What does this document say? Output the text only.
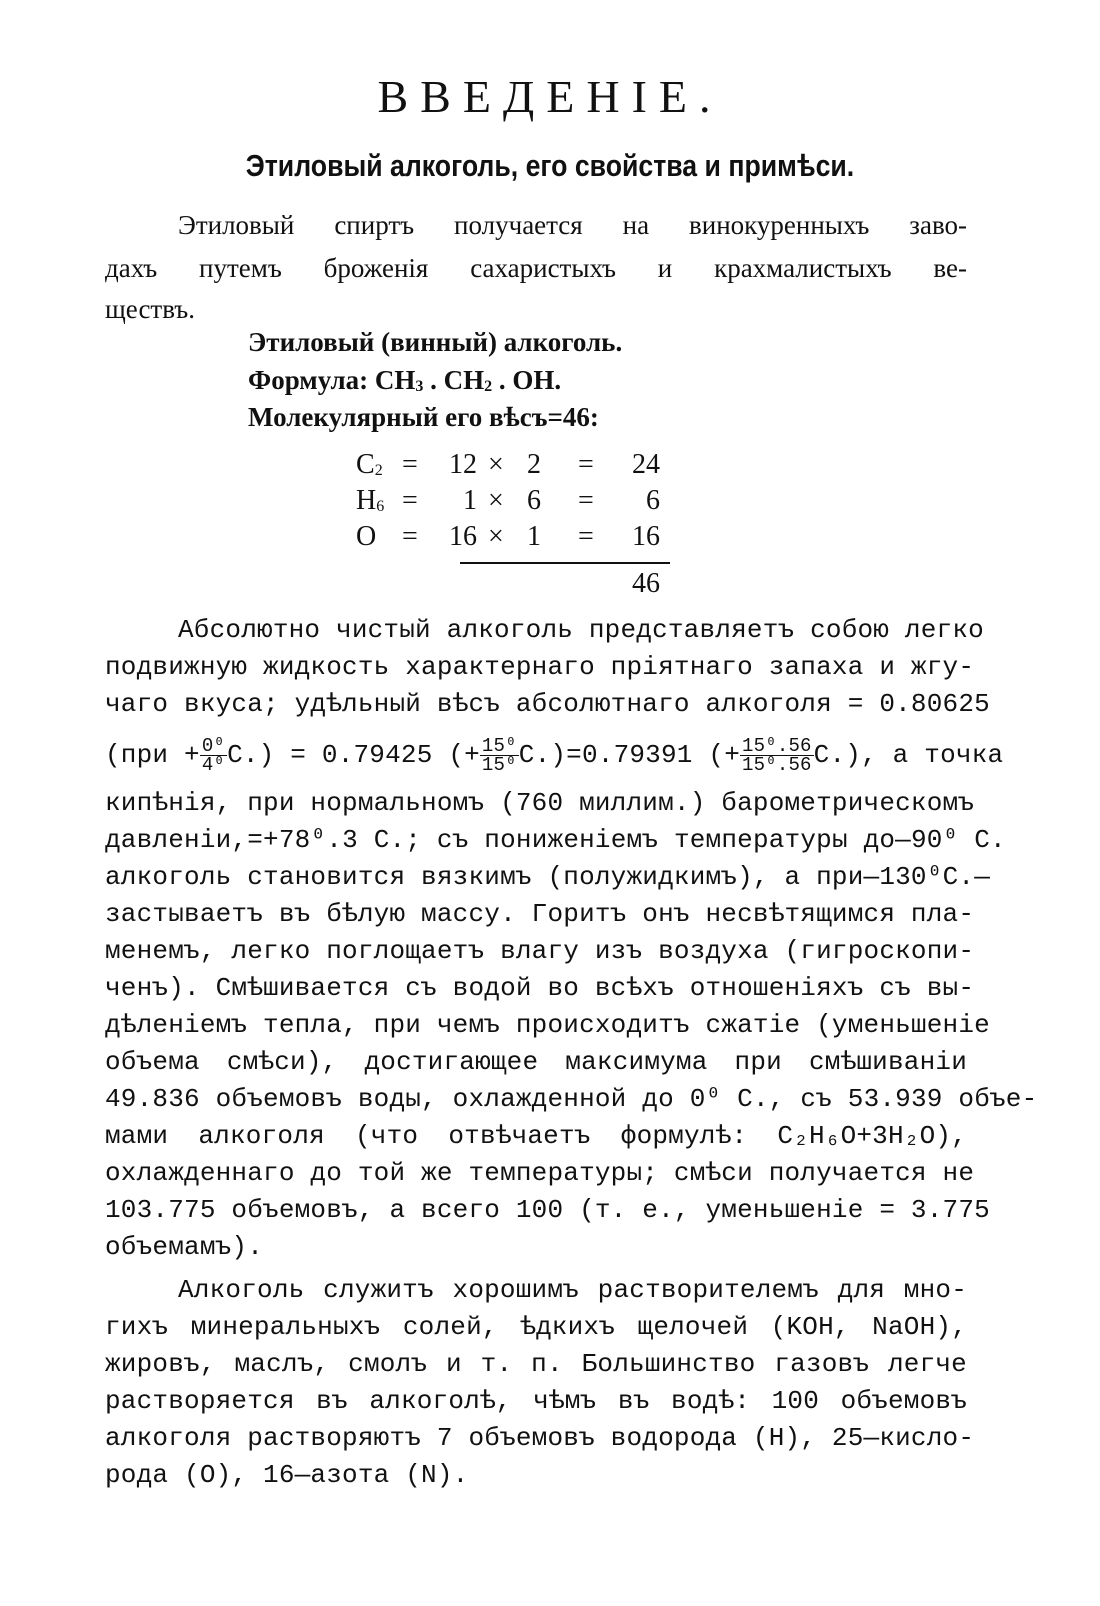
ВВЕДЕНІЕ.
Этиловый алкоголь, его свойства и примѣси.
Этиловый спиртъ получается на винокуренныхъ заво-
дахъ путемъ броженія сахаристыхъ и крахмалистыхъ ве-
ществъ.
Этиловый (винный) алкоголь.
Формула: $CH_3$ . $CH_2$ . OH.
Молекулярный его вѣсъ=46:
$C_2 = 12 \times 2 = 24$
$H_6 = 1 \times 6 = 6$
O = 16 × 1 = 16
46
Абсолютно чистый алкоголь представляетъ собою легко
подвижную жидкость характернаго пріятнаго запаха и жгу-
чаго вкуса; удѣльный вѣсъ абсолютнаго алкоголя = 0.80625
$(при + \frac{\text{0⁰}}{\text{4⁰}} C.) = 0.79425$ (+ $\frac{\text{15⁰}}{\text{15⁰}} C.)=0.79391$ (+ $\frac{\text{15⁰.56}}{\text{15⁰.56}} C$.), а точка
кипѣнія, при нормальномъ (760 миллим.) барометрическомъ
давленіи,=+78⁰.3 C.; съ пониженіемъ температуры до—90⁰ C.
алкоголь становится вязкимъ (полужидкимъ), а при—130⁰C.—
застываетъ въ бѣлую массу. Горитъ онъ несвѣтящимся пла-
менемъ, легко поглощаетъ влагу изъ воздуха (гигроскопи-
ченъ). Смѣшивается съ водой во всѣхъ отношеніяхъ съ вы-
дѣленіемъ тепла, при чемъ происходитъ сжатіе (уменьшеніе
объема смѣси), достигающее максимума при смѣшиваніи
49.836 объемовъ воды, охлажденной до 0⁰ C., съ 53.939 объе-
мами алкоголя (что отвѣчаетъ формулѣ: C₂H₆O+3H₂O),
охлажденнаго до той же температуры; смѣси получается не
103.775 объемовъ, а всего 100 (т. е., уменьшеніе = 3.775
объемамъ).
Алкоголь служитъ хорошимъ растворителемъ для мно-
гихъ минеральныхъ солей, ѣдкихъ щелочей (KOH, NaOH),
жировъ, маслъ, смолъ и т. п. Большинство газовъ легче
растворяется въ алкоголѣ, чѣмъ въ водѣ: 100 объемовъ
алкоголя растворяютъ 7 объемовъ водорода (H), 25—кисло-
рода (O), 16—азота (N).
